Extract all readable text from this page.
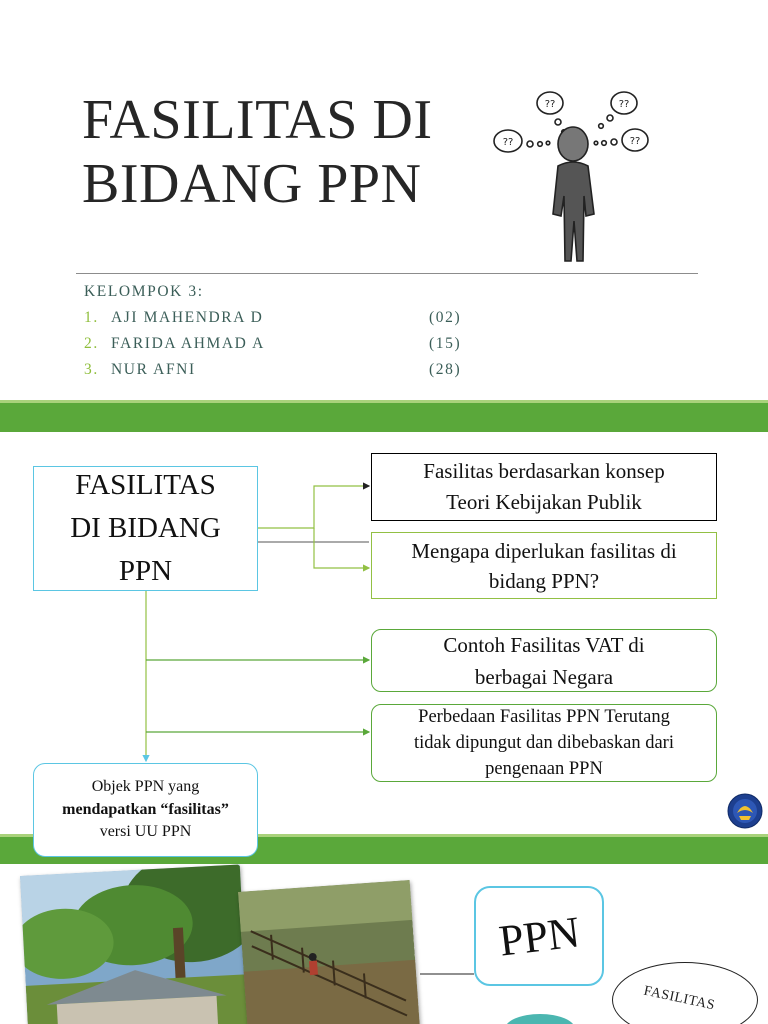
FASILITAS DI
BIDANG PPN
??	??
??	??
KELOMPOK 3:
1. AJI MAHENDRA D	(02)
2. FARIDA AHMAD A	(15)
3. NUR AFNI	(28)
FASILITAS
DI BIDANG
PPN
Fasilitas berdasarkan konsep
Teori Kebijakan Publik
Mengapa diperlukan fasilitas di
bidang PPN?
Contoh Fasilitas VAT di
berbagai Negara
Perbedaan Fasilitas PPN Terutang
tidak dipungut dan dibebaskan dari
pengenaan PPN
Objek PPN yang
mendapatkan “fasilitas”
versi UU PPN
PPN
FASILITAS
